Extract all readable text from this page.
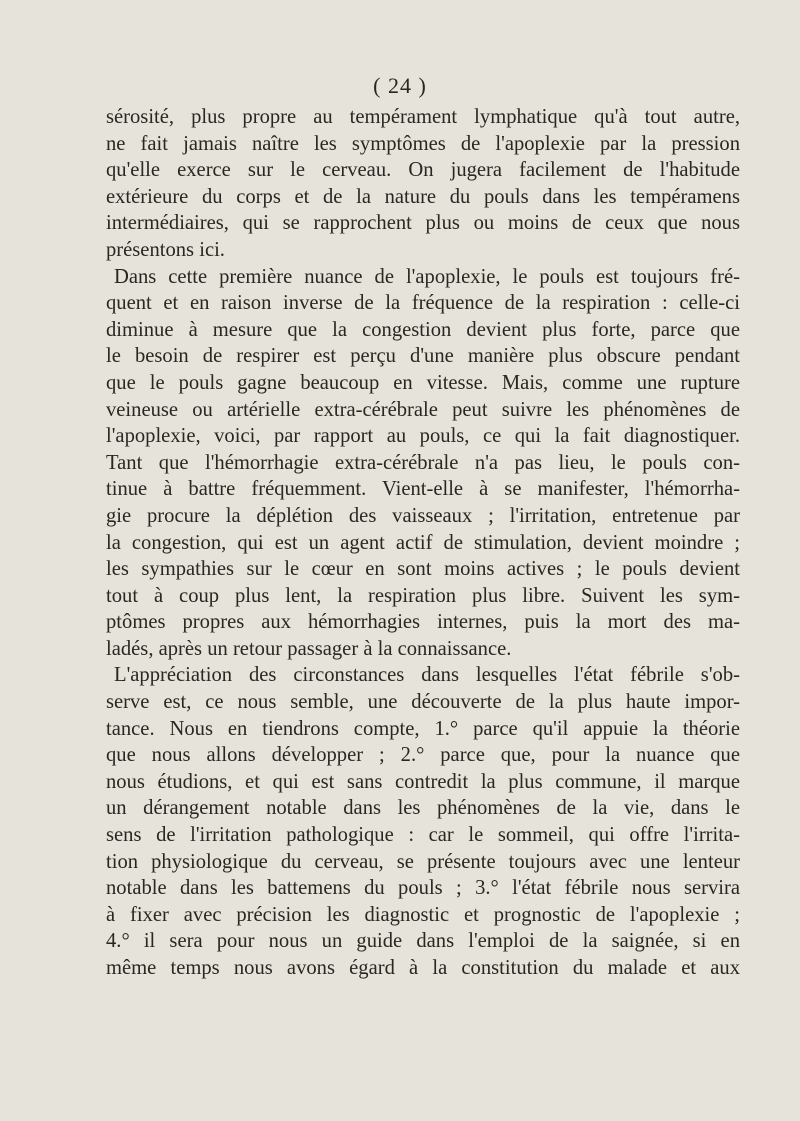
( 24 )
sérosité, plus propre au tempérament lymphatique qu'à tout autre,
ne fait jamais naître les symptômes de l'apoplexie par la pression
qu'elle exerce sur le cerveau. On jugera facilement de l'habitude
extérieure du corps et de la nature du pouls dans les tempéramens
intermédiaires, qui se rapprochent plus ou moins de ceux que nous
présentons ici.
Dans cette première nuance de l'apoplexie, le pouls est toujours fré-
quent et en raison inverse de la fréquence de la respiration : celle-ci
diminue à mesure que la congestion devient plus forte, parce que
le besoin de respirer est perçu d'une manière plus obscure pendant
que le pouls gagne beaucoup en vitesse. Mais, comme une rupture
veineuse ou artérielle extra-cérébrale peut suivre les phénomènes de
l'apoplexie, voici, par rapport au pouls, ce qui la fait diagnostiquer.
Tant que l'hémorrhagie extra-cérébrale n'a pas lieu, le pouls con-
tinue à battre fréquemment. Vient-elle à se manifester, l'hémorrha-
gie procure la déplétion des vaisseaux ; l'irritation, entretenue par
la congestion, qui est un agent actif de stimulation, devient moindre ;
les sympathies sur le cœur en sont moins actives ; le pouls devient
tout à coup plus lent, la respiration plus libre. Suivent les sym-
ptômes propres aux hémorrhagies internes, puis la mort des ma-
ladés, après un retour passager à la connaissance.
L'appréciation des circonstances dans lesquelles l'état fébrile s'ob-
serve est, ce nous semble, une découverte de la plus haute impor-
tance. Nous en tiendrons compte, 1.° parce qu'il appuie la théorie
que nous allons développer ; 2.° parce que, pour la nuance que
nous étudions, et qui est sans contredit la plus commune, il marque
un dérangement notable dans les phénomènes de la vie, dans le
sens de l'irritation pathologique : car le sommeil, qui offre l'irrita-
tion physiologique du cerveau, se présente toujours avec une lenteur
notable dans les battemens du pouls ; 3.° l'état fébrile nous servira
à fixer avec précision les diagnostic et prognostic de l'apoplexie ;
4.° il sera pour nous un guide dans l'emploi de la saignée, si en
même temps nous avons égard à la constitution du malade et aux
